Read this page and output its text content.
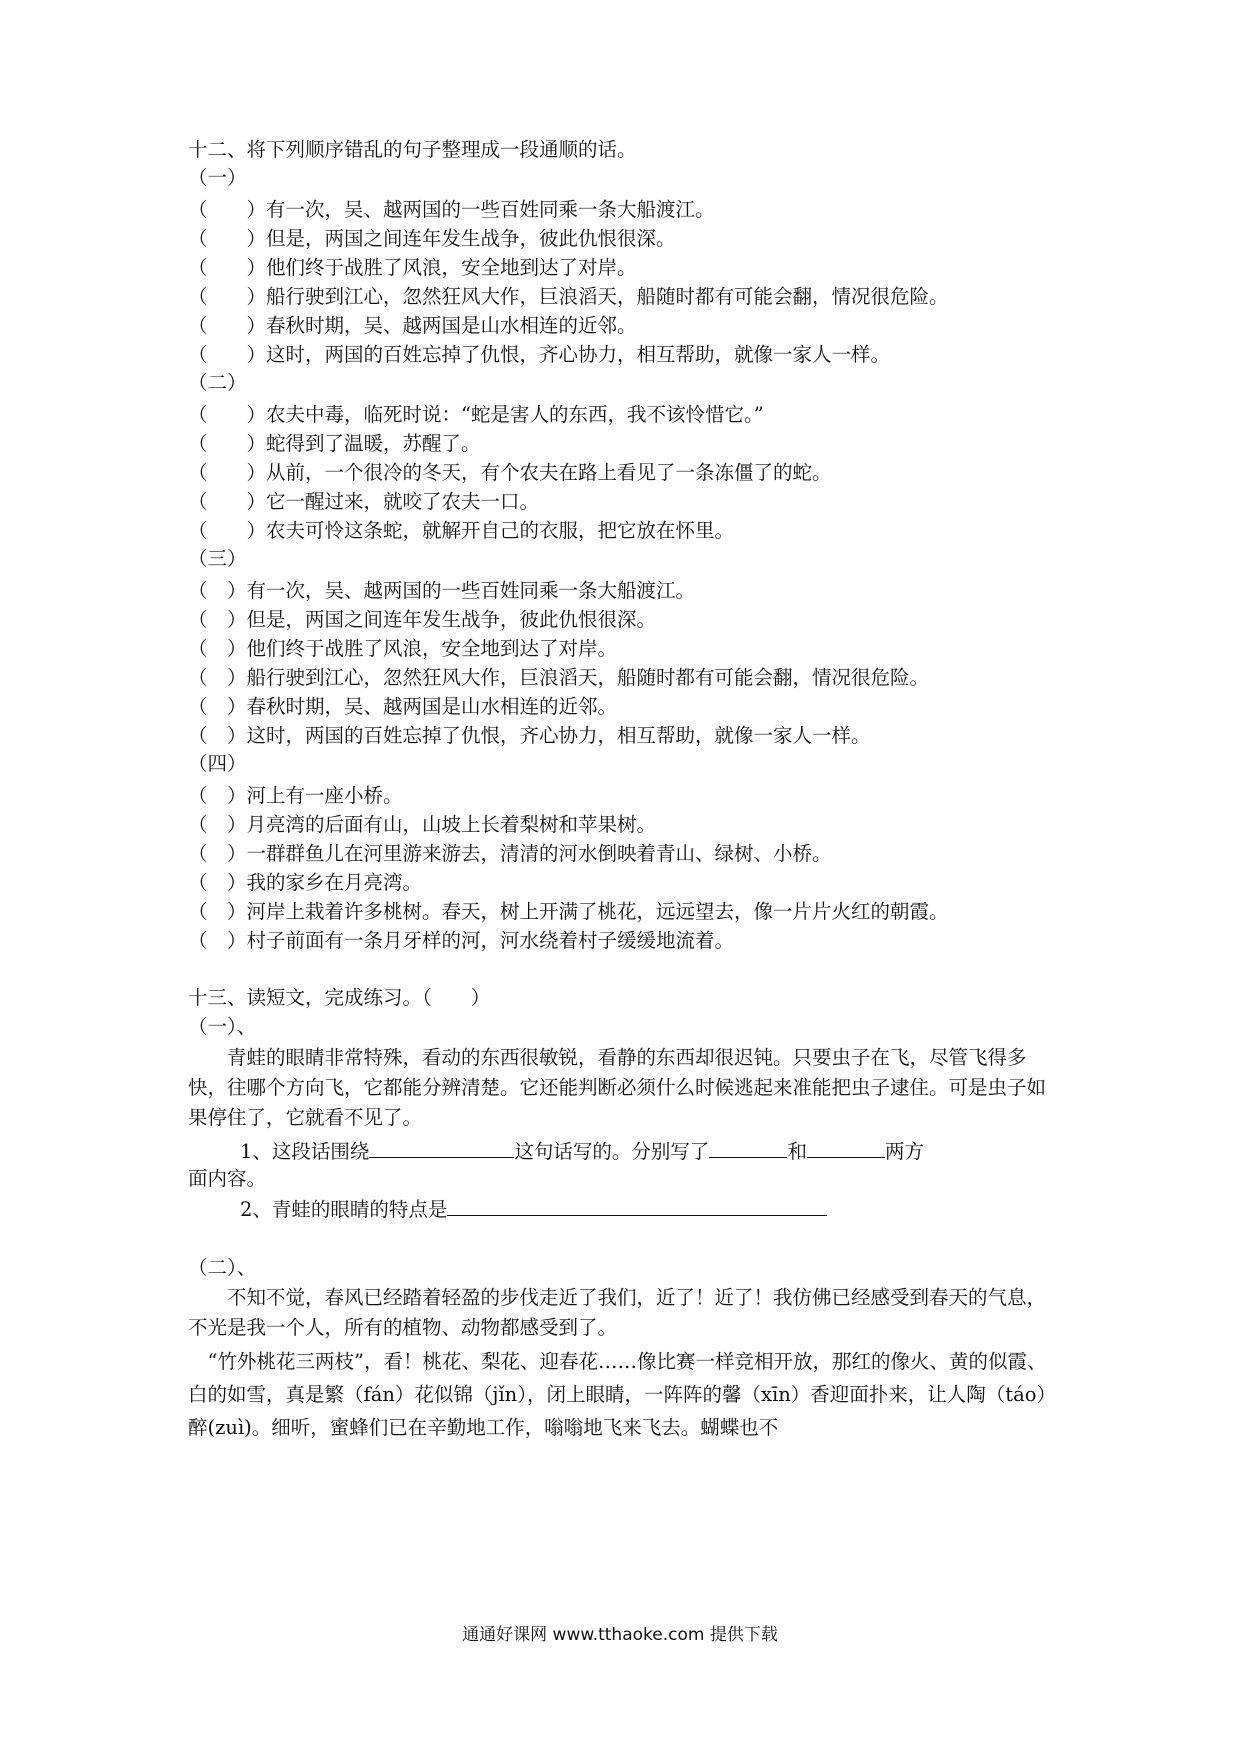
十二、将下列顺序错乱的句子整理成一段通顺的话。
（一）
（　　）有一次，吴、越两国的一些百姓同乘一条大船渡江。
（　　）但是，两国之间连年发生战争，彼此仇恨很深。
（　　）他们终于战胜了风浪，安全地到达了对岸。
（　　）船行驶到江心，忽然狂风大作，巨浪滔天，船随时都有可能会翻，情况很危险。
（　　）春秋时期，吴、越两国是山水相连的近邻。
（　　）这时，两国的百姓忘掉了仇恨，齐心协力，相互帮助，就像一家人一样。
（二）
（　　）农夫中毒，临死时说：“蛇是害人的东西，我不该怜惜它。”
（　　）蛇得到了温暖，苏醒了。
（　　）从前，一个很冷的冬天，有个农夫在路上看见了一条冻僵了的蛇。
（　　）它一醒过来，就咬了农夫一口。
（　　）农夫可怜这条蛇，就解开自己的衣服，把它放在怀里。
（三）
（　）有一次，吴、越两国的一些百姓同乘一条大船渡江。
（　）但是，两国之间连年发生战争，彼此仇恨很深。
（　）他们终于战胜了风浪，安全地到达了对岸。
（　）船行驶到江心，忽然狂风大作，巨浪滔天，船随时都有可能会翻，情况很危险。
（　）春秋时期，吴、越两国是山水相连的近邻。
（　）这时，两国的百姓忘掉了仇恨，齐心协力，相互帮助，就像一家人一样。
（四）
（　）河上有一座小桥。
（　）月亮湾的后面有山，山坡上长着梨树和苹果树。
（　）一群群鱼儿在河里游来游去，清清的河水倒映着青山、绿树、小桥。
（　）我的家乡在月亮湾。
（　）河岸上栽着许多桃树。春天，树上开满了桃花，远远望去，像一片片火红的朝霞。
（　）村子前面有一条月牙样的河，河水绕着村子缓缓地流着。
十三、读短文，完成练习。（　　）
（一）、
　　青蛙的眼睛非常特殊，看动的东西很敏锐，看静的东西却很迟钝。只要虫子在飞，尽管飞得多快，往哪个方向飞，它都能分辨清楚。它还能判断必须什么时候逃起来准能把虫子逮住。可是虫子如果停住了，它就看不见了。
1、这段话围绕	这句话写的。分别写了	和	两方
面内容。
2、青蛙的眼睛的特点是
（二）、
　　不知不觉，春风已经踏着轻盈的步伐走近了我们，近了！近了！我仿佛已经感受到春天的气息，不光是我一个人，所有的植物、动物都感受到了。
　“竹外桃花三两枝”，看！桃花、梨花、迎春花……像比赛一样竞相开放，那红的像火、黄的似霞、白的如雪，真是繁（fán）花似锦（jǐn），闭上眼睛，一阵阵的馨（xīn）香迎面扑来，让人陶（táo）醉(zuì)。细听，蜜蜂们已在辛勤地工作，嗡嗡地飞来飞去。蝴蝶也不
通通好课网 www.tthaoke.com 提供下载
